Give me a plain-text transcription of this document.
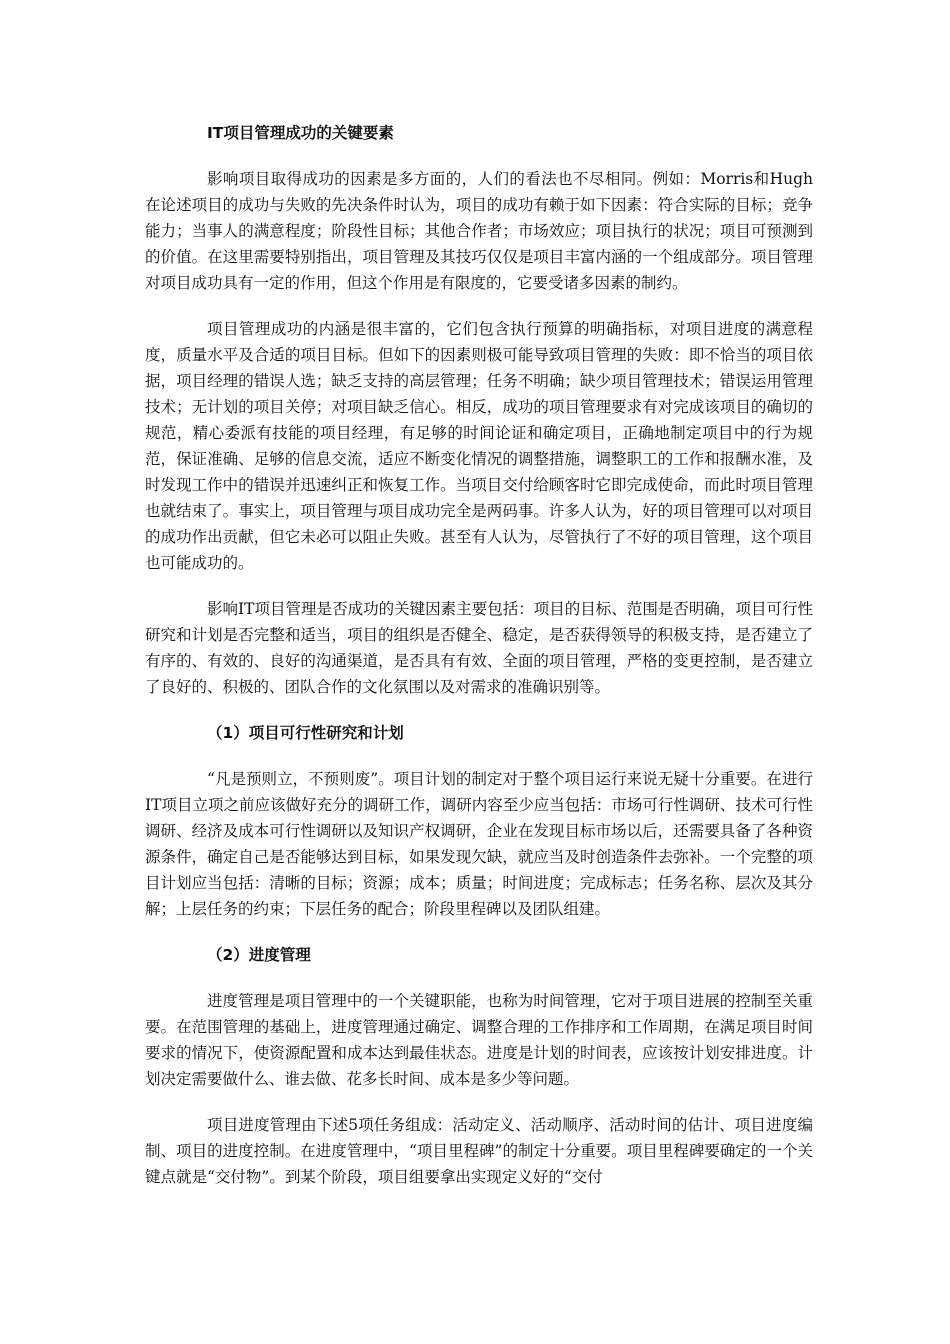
IT项目管理成功的关键要素

影响项目取得成功的因素是多方面的，人们的看法也不尽相同。例如：Morris和Hugh在论述项目的成功与失败的先决条件时认为，项目的成功有赖于如下因素：符合实际的目标；竞争能力；当事人的满意程度；阶段性目标；其他合作者；市场效应；项目执行的状况；项目可预测到的价值。在这里需要特别指出，项目管理及其技巧仅仅是项目丰富内涵的一个组成部分。项目管理对项目成功具有一定的作用，但这个作用是有限度的，它要受诸多因素的制约。

项目管理成功的内涵是很丰富的，它们包含执行预算的明确指标，对项目进度的满意程度，质量水平及合适的项目目标。但如下的因素则极可能导致项目管理的失败：即不恰当的项目依据，项目经理的错误人选；缺乏支持的高层管理；任务不明确；缺少项目管理技术；错误运用管理技术；无计划的项目关停；对项目缺乏信心。相反，成功的项目管理要求有对完成该项目的确切的规范，精心委派有技能的项目经理，有足够的时间论证和确定项目，正确地制定项目中的行为规范，保证准确、足够的信息交流，适应不断变化情况的调整措施，调整职工的工作和报酬水准，及时发现工作中的错误并迅速纠正和恢复工作。当项目交付给顾客时它即完成使命，而此时项目管理也就结束了。事实上，项目管理与项目成功完全是两码事。许多人认为，好的项目管理可以对项目的成功作出贡献，但它未必可以阻止失败。甚至有人认为，尽管执行了不好的项目管理，这个项目也可能成功的。

影响IT项目管理是否成功的关键因素主要包括：项目的目标、范围是否明确，项目可行性研究和计划是否完整和适当，项目的组织是否健全、稳定，是否获得领导的积极支持，是否建立了有序的、有效的、良好的沟通渠道，是否具有有效、全面的项目管理，严格的变更控制，是否建立了良好的、积极的、团队合作的文化氛围以及对需求的准确识别等。

（1）项目可行性研究和计划

“凡是预则立，不预则废”。项目计划的制定对于整个项目运行来说无疑十分重要。在进行IT项目立项之前应该做好充分的调研工作，调研内容至少应当包括：市场可行性调研、技术可行性调研、经济及成本可行性调研以及知识产权调研，企业在发现目标市场以后，还需要具备了各种资源条件，确定自己是否能够达到目标，如果发现欠缺，就应当及时创造条件去弥补。一个完整的项目计划应当包括：清晰的目标；资源；成本；质量；时间进度；完成标志；任务名称、层次及其分解；上层任务的约束；下层任务的配合；阶段里程碑以及团队组建。

（2）进度管理

进度管理是项目管理中的一个关键职能，也称为时间管理，它对于项目进展的控制至关重要。在范围管理的基础上，进度管理通过确定、调整合理的工作排序和工作周期，在满足项目时间要求的情况下，使资源配置和成本达到最佳状态。进度是计划的时间表，应该按计划安排进度。计划决定需要做什么、谁去做、花多长时间、成本是多少等问题。

项目进度管理由下述5项任务组成：活动定义、活动顺序、活动时间的估计、项目进度编制、项目的进度控制。在进度管理中，“项目里程碑”的制定十分重要。项目里程碑要确定的一个关键点就是“交付物”。到某个阶段，项目组要拿出实现定义好的“交付
